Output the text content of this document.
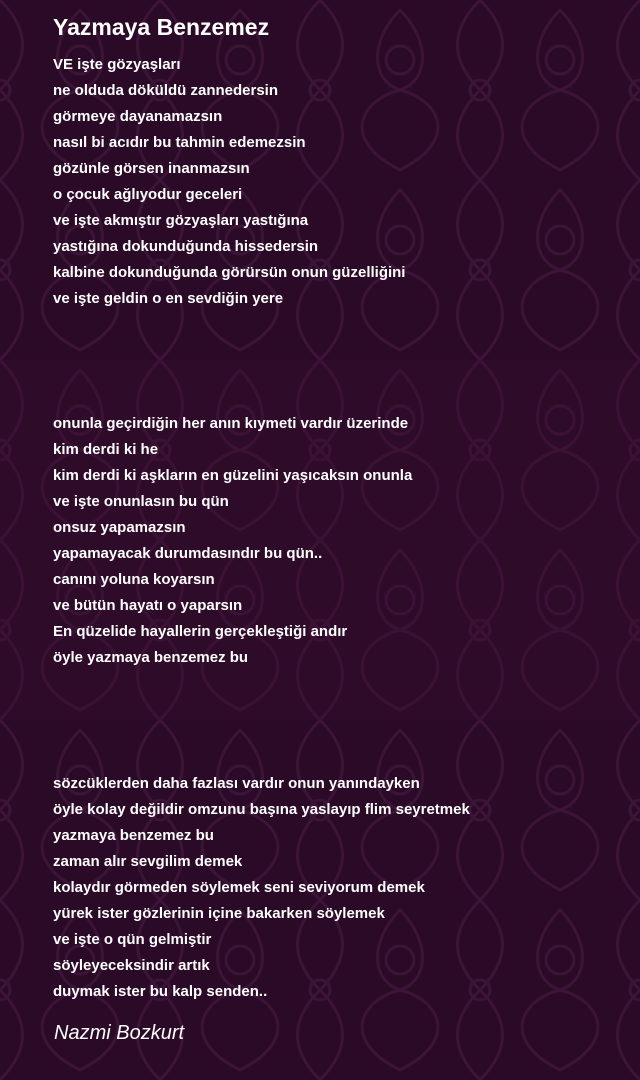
Yazmaya Benzemez
VE işte gözyaşları
ne olduda döküldü zannedersin
görmeye dayanamazsın
nasıl bi acıdır bu tahmin edemezsin
gözünle görsen inanmazsın
o çocuk ağlıyodur geceleri
ve işte akmıştır gözyaşları yastığına
yastığına dokunduğunda hissedersin
kalbine dokunduğunda görürsün onun güzelliğini
ve işte geldin o en sevdiğin yere
onunla geçirdiğin her anın kıymeti vardır üzerinde
kim derdi ki he
kim derdi ki aşkların en güzelini yaşıcaksın onunla
ve işte onunlasın bu qün
onsuz yapamazsın
yapamayacak durumdasındır bu qün..
canını yoluna koyarsın
ve bütün hayatı o yaparsın
En qüzelide hayallerin gerçekleştiği andır
öyle yazmaya benzemez bu
sözcüklerden daha fazlası vardır onun yanındayken
öyle kolay değildir omzunu başına yaslayıp flim seyretmek
yazmaya benzemez bu
zaman alır sevgilim demek
kolaydır görmeden söylemek seni seviyorum demek
yürek ister gözlerinin içine bakarken söylemek
ve işte o qün gelmiştir
söyleyeceksindir artık
duymak ister bu kalp senden..

Nazmi Bozkurt
